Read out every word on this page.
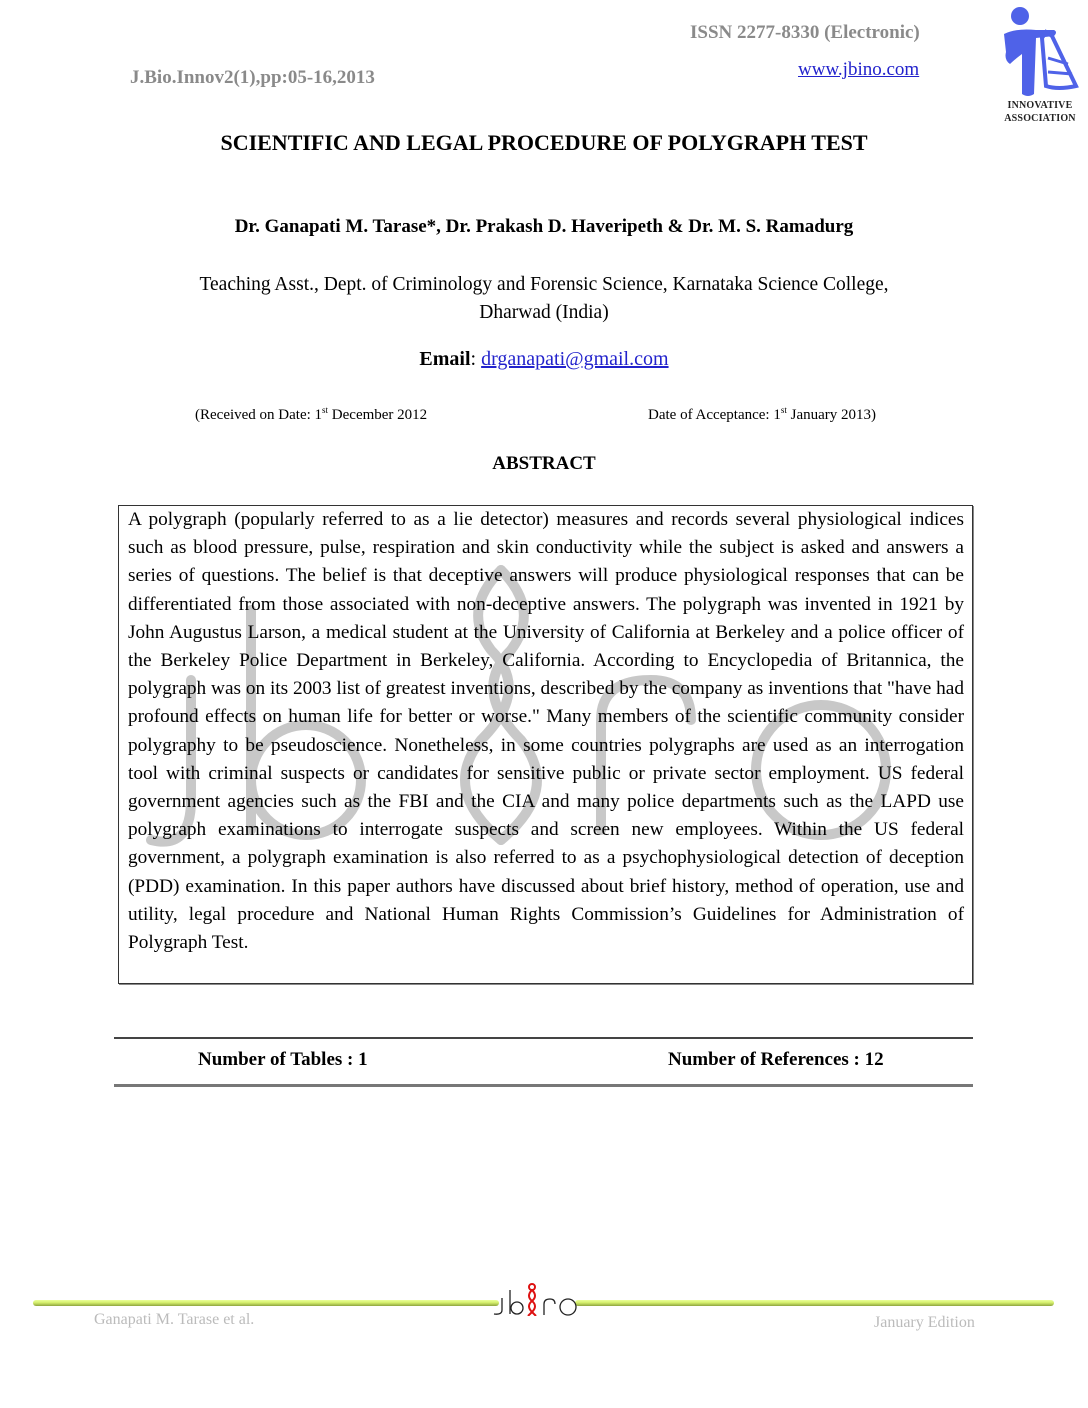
J.Bio.Innov2(1),pp:05-16,2013
ISSN 2277-8330 (Electronic)
www.jbino.com
INNOVATIVE
ASSOCIATION
SCIENTIFIC AND LEGAL PROCEDURE OF POLYGRAPH TEST
Dr. Ganapati M. Tarase*, Dr. Prakash D. Haveripeth & Dr. M. S. Ramadurg
Teaching Asst., Dept. of Criminology and Forensic Science, Karnataka Science College,
Dharwad (India)
Email: drganapati@gmail.com
(Received on Date: 1st December 2012	Date of Acceptance: 1st January 2013)
ABSTRACT

A polygraph (popularly referred to as a lie detector) measures and records several physiological indices such as blood pressure, pulse, respiration and skin conductivity while the subject is asked and answers a series of questions. The belief is that deceptive answers will produce physiological responses that can be differentiated from those associated with non-deceptive answers. The polygraph was invented in 1921 by John Augustus Larson, a medical student at the University of California at Berkeley and a police officer of the Berkeley Police Department in Berkeley, California. According to Encyclopedia of Britannica, the polygraph was on its 2003 list of greatest inventions, described by the company as inventions that "have had profound effects on human life for better or worse." Many members of the scientific community consider polygraphy to be pseudoscience. Nonetheless, in some countries polygraphs are used as an interrogation tool with criminal suspects or candidates for sensitive public or private sector employment. US federal government agencies such as the FBI and the CIA and many police departments such as the LAPD use polygraph examinations to interrogate suspects and screen new employees. Within the US federal government, a polygraph examination is also referred to as a psychophysiological detection of deception (PDD) examination. In this paper authors have discussed about brief history, method of operation, use and utility, legal procedure and National Human Rights Commission’s Guidelines for Administration of Polygraph Test.

Number of Tables : 1	Number of References : 12
Ganapati M. Tarase et al.	January Edition
